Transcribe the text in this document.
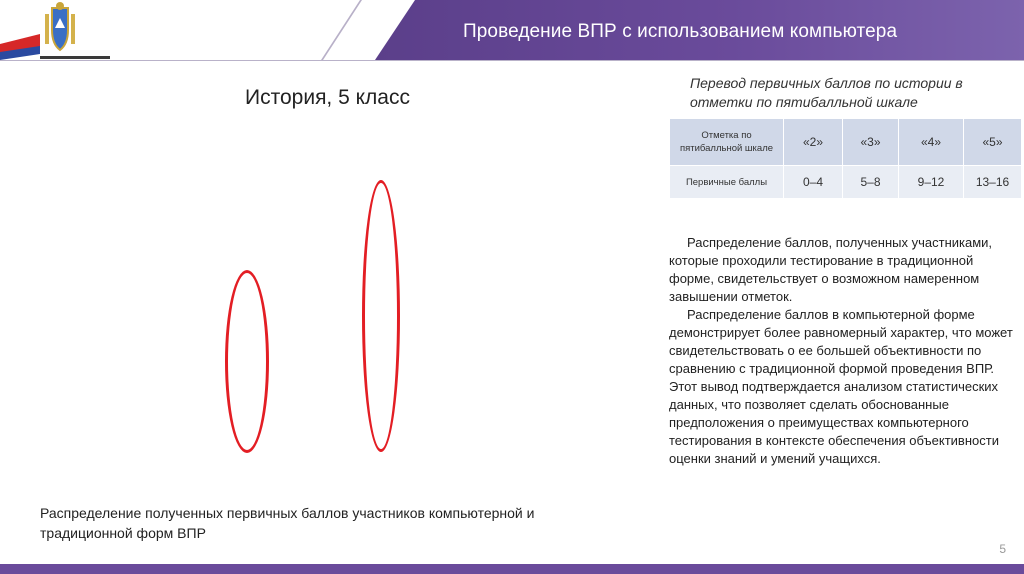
Проведение ВПР с использованием компьютера
История, 5 класс
Распределение полученных первичных баллов участников компьютерной и традиционной форм ВПР
Перевод первичных баллов по истории в отметки по пятибалльной шкале
Отметка по пятибалльной шкале	«2»	«3»	«4»	«5»
Первичные баллы	0–4	5–8	9–12	13–16

Распределение баллов, полученных участниками, которые проходили тестирование в традиционной форме, свидетельствует о возможном намеренном завышении отметок.

Распределение баллов в компьютерной форме демонстрирует более равномерный характер, что может свидетельствовать о ее большей объективности по сравнению с традиционной формой проведения ВПР. Этот вывод подтверждается анализом статистических данных, что позволяет сделать обоснованные предположения о преимуществах компьютерного тестирования в контексте обеспечения объективности оценки знаний и умений учащихся.

5
